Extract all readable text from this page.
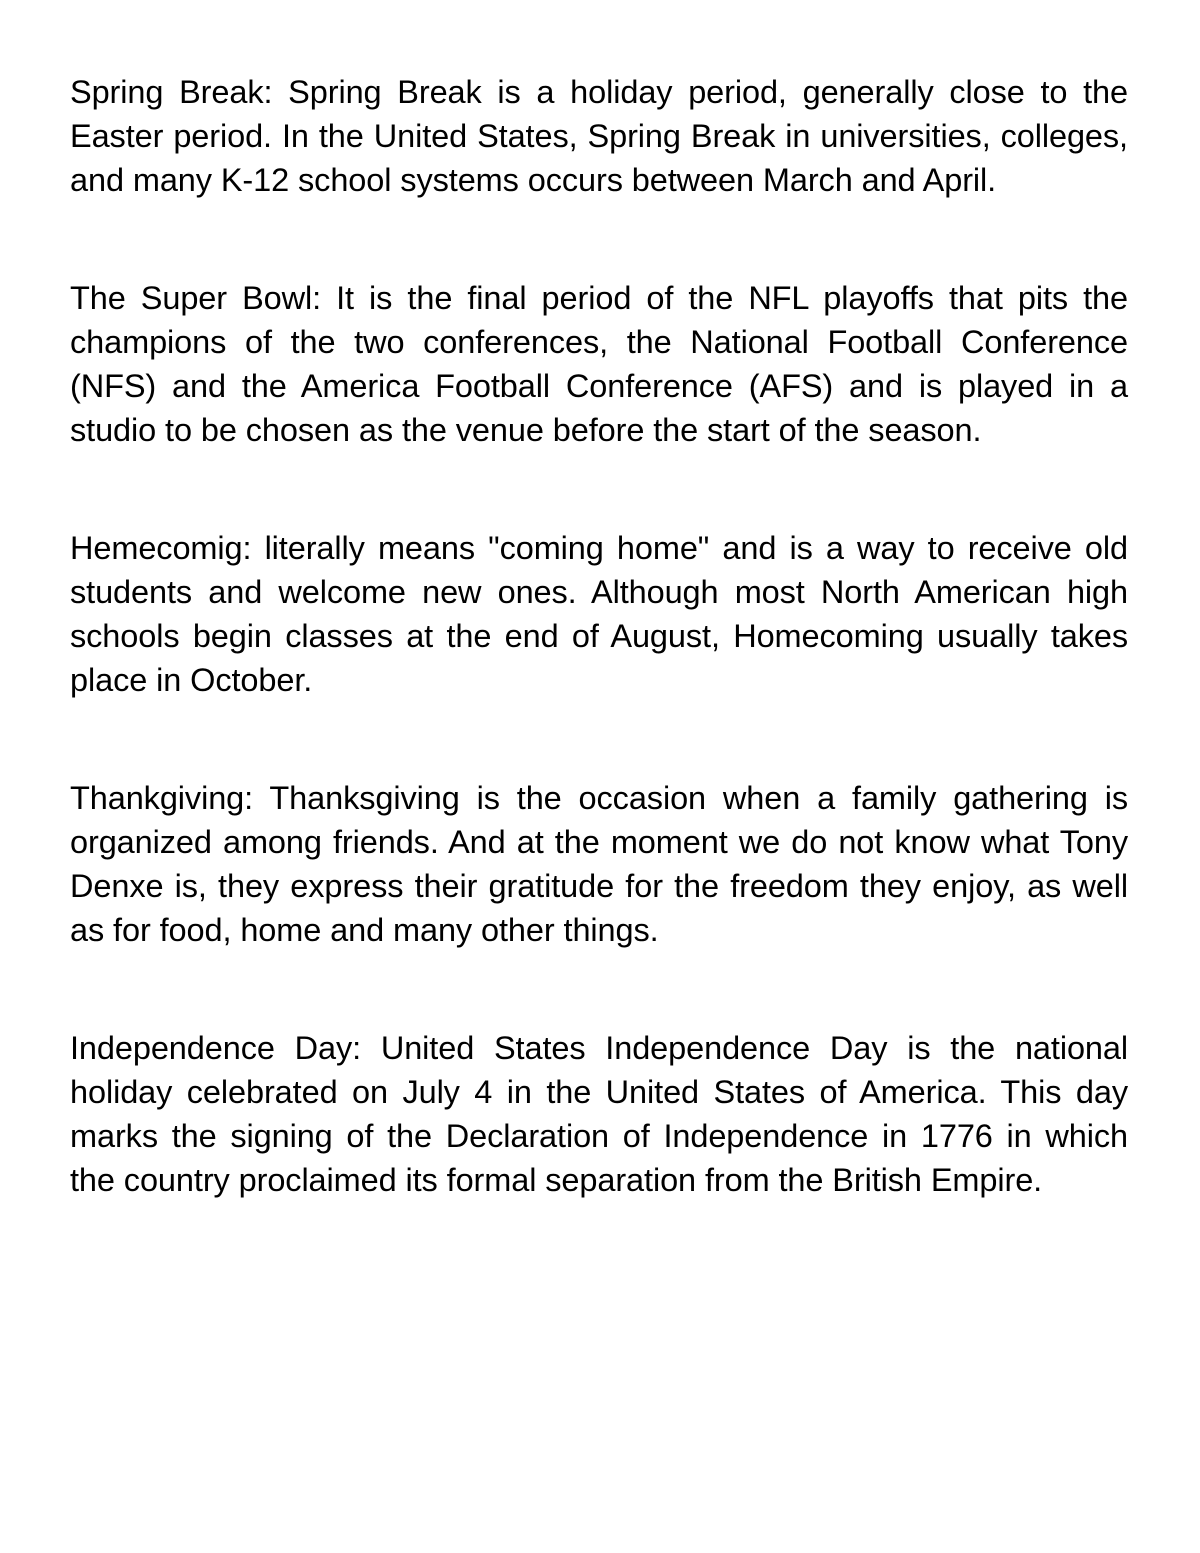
Spring Break: Spring Break is a holiday period, generally close to the Easter period. In the United States, Spring Break in universities, colleges, and many K-12 school systems occurs between March and April.

The Super Bowl: It is the final period of the NFL playoffs that pits the champions of the two conferences, the National Football Conference (NFS) and the America Football Conference (AFS) and is played in a studio to be chosen as the venue before the start of the season.

Hemecomig: literally means "coming home" and is a way to receive old students and welcome new ones. Although most North American high schools begin classes at the end of August, Homecoming usually takes place in October.

Thankgiving: Thanksgiving is the occasion when a family gathering is organized among friends. And at the moment we do not know what Tony Denxe is, they express their gratitude for the freedom they enjoy, as well as for food, home and many other things.

Independence Day: United States Independence Day is the national holiday celebrated on July 4 in the United States of America. This day marks the signing of the Declaration of Independence in 1776 in which the country proclaimed its formal separation from the British Empire.
